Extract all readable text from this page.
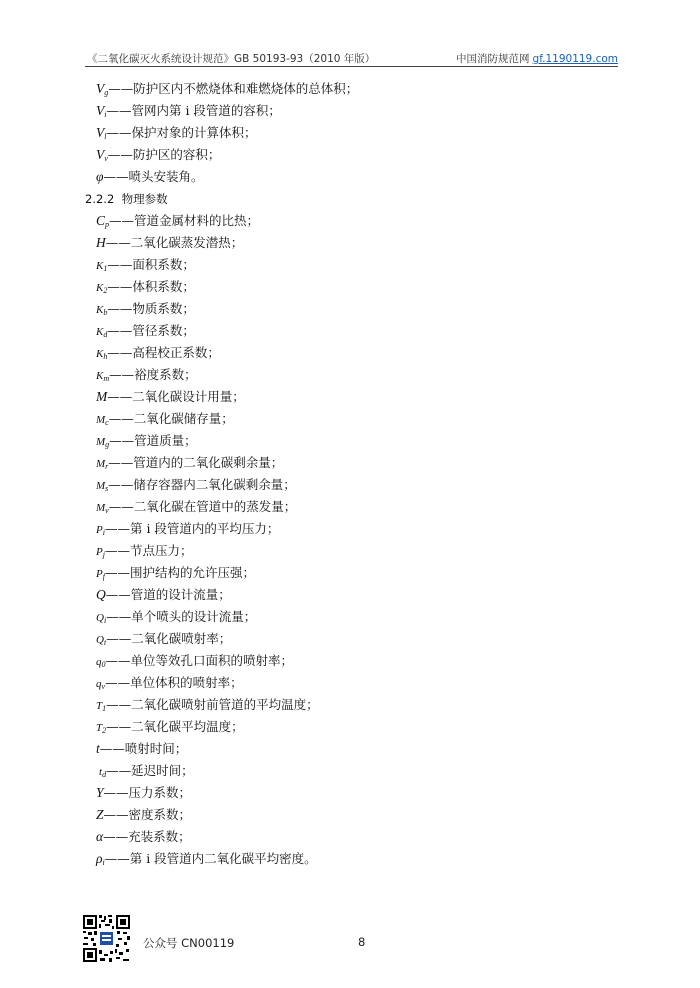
《二氧化碳灭火系统设计规范》GB 50193-93（2010 年版）	中国消防规范网 gf.1190119.com
$V_g——$防护区内不燃烧体和难燃烧体的总体积；
$V_i——$管网内第 i 段管道的容积；
$V_l——$保护对象的计算体积；
$V_v——$防护区的容积；
φ——喷头安装角。
2.2.2 物理参数
$C_p——$管道金属材料的比热；
H——二氧化碳蒸发潜热；
$K_1——$面积系数；
$K_2——$体积系数；
$K_b——$物质系数；
$K_d——$管径系数；
$K_h——$高程校正系数；
$K_m——$裕度系数；
M——二氧化碳设计用量；
$M_c——$二氧化碳储存量；
$M_g——$管道质量；
$M_r——$管道内的二氧化碳剩余量；
$M_s——$储存容器内二氧化碳剩余量；
$M_v——$二氧化碳在管道中的蒸发量；
$P_i——$第 i 段管道内的平均压力；
$P_j——$节点压力；
$P_f——$围护结构的允许压强；
Q——管道的设计流量；
$Q_i——$单个喷头的设计流量；
$Q_t——$二氧化碳喷射率；
$q_0——$单位等效孔口面积的喷射率；
$q_v——$单位体积的喷射率；
$T_1——$二氧化碳喷射前管道的平均温度；
$T_2——$二氧化碳平均温度；
t——喷射时间；
$t_d——$延迟时间；
Y——压力系数；
Z——密度系数；
α——充装系数；
$\rho_i——$第 i 段管道内二氧化碳平均密度。
公众号 CN00119	8
